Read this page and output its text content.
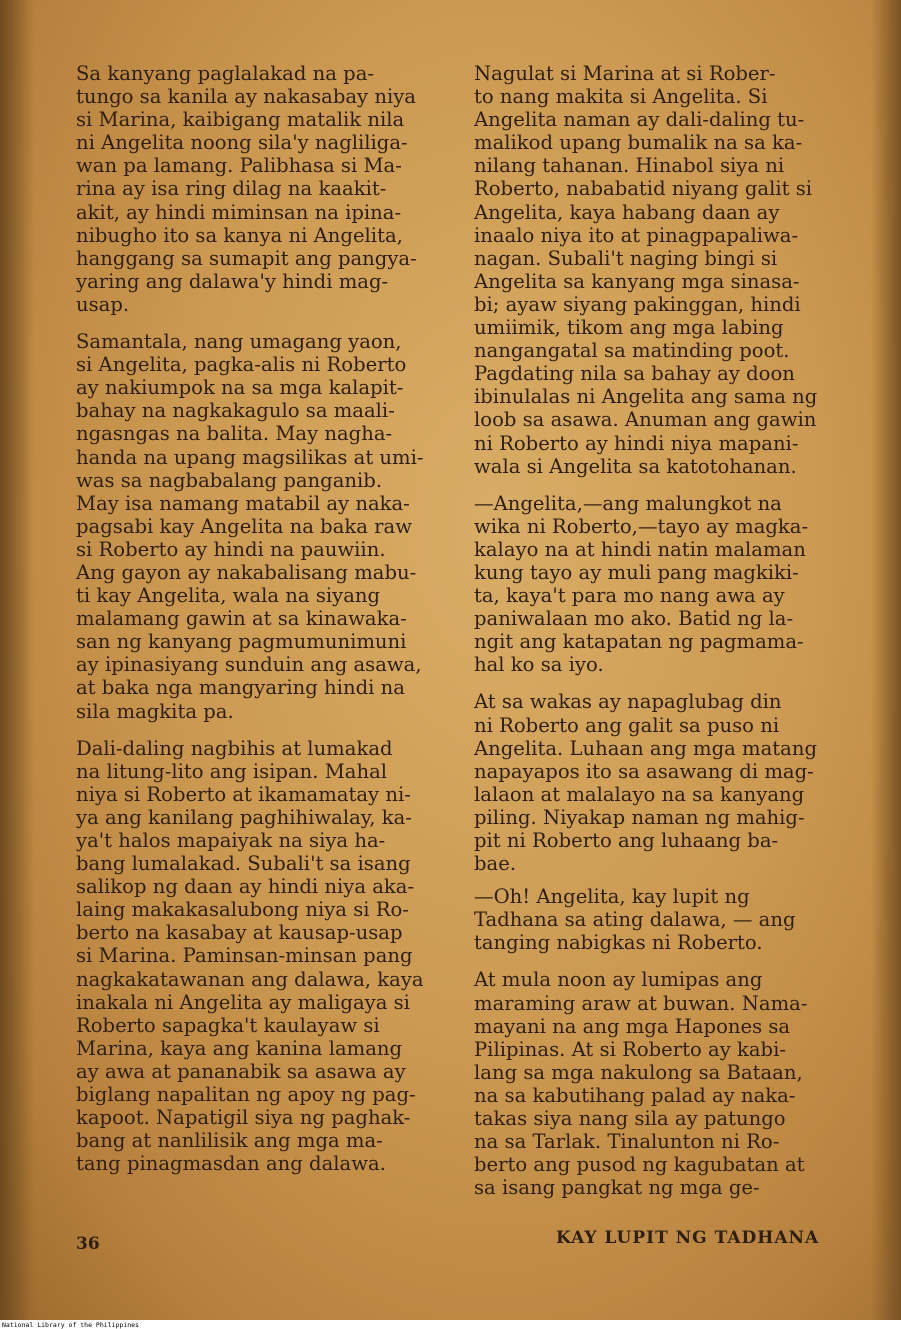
Sa kanyang paglalakad na pa-
tungo sa kanila ay nakasabay niya
si Marina, kaibigang matalik nila
ni Angelita noong sila'y nagliliga-
wan pa lamang. Palibhasa si Ma-
rina ay isa ring dilag na kaakit-
akit, ay hindi miminsan na ipina-
nibugho ito sa kanya ni Angelita,
hanggang sa sumapit ang pangya-
yaring ang dalawa'y hindi mag-
usap.

Samantala, nang umagang yaon,
si Angelita, pagka-alis ni Roberto
ay nakiumpok na sa mga kalapit-
bahay na nagkakagulo sa maali-
ngasngas na balita. May nagha-
handa na upang magsilikas at umi-
was sa nagbabalang panganib.
May isa namang matabil ay naka-
pagsabi kay Angelita na baka raw
si Roberto ay hindi na pauwiin.
Ang gayon ay nakabalisang mabu-
ti kay Angelita, wala na siyang
malamang gawin at sa kinawaka-
san ng kanyang pagmumunimuni
ay ipinasiyang sunduin ang asawa,
at baka nga mangyaring hindi na
sila magkita pa.

Dali-daling nagbihis at lumakad
na litung-lito ang isipan. Mahal
niya si Roberto at ikamamatay ni-
ya ang kanilang paghihiwalay, ka-
ya't halos mapaiyak na siya ha-
bang lumalakad. Subali't sa isang
salikop ng daan ay hindi niya aka-
laing makakasalubong niya si Ro-
berto na kasabay at kausap-usap
si Marina. Paminsan-minsan pang
nagkakatawanan ang dalawa, kaya
inakala ni Angelita ay maligaya si
Roberto sapagka't kaulayaw si
Marina, kaya ang kanina lamang
ay awa at pananabik sa asawa ay
biglang napalitan ng apoy ng pag-
kapoot. Napatigil siya ng paghak-
bang at nanlilisik ang mga ma-
tang pinagmasdan ang dalawa.

Nagulat si Marina at si Rober-
to nang makita si Angelita. Si
Angelita naman ay dali-daling tu-
malikod upang bumalik na sa ka-
nilang tahanan. Hinabol siya ni
Roberto, nababatid niyang galit si
Angelita, kaya habang daan ay
inaalo niya ito at pinagpapaliwa-
nagan. Subali't naging bingi si
Angelita sa kanyang mga sinasa-
bi; ayaw siyang pakinggan, hindi
umiimik, tikom ang mga labing
nangangatal sa matinding poot.
Pagdating nila sa bahay ay doon
ibinulalas ni Angelita ang sama ng
loob sa asawa. Anuman ang gawin
ni Roberto ay hindi niya mapani-
wala si Angelita sa katotohanan.

—Angelita,—ang malungkot na
wika ni Roberto,—tayo ay magka-
kalayo na at hindi natin malaman
kung tayo ay muli pang magkiki-
ta, kaya't para mo nang awa ay
paniwalaan mo ako. Batid ng la-
ngit ang katapatan ng pagmama-
hal ko sa iyo.

At sa wakas ay napaglubag din
ni Roberto ang galit sa puso ni
Angelita. Luhaan ang mga matang
napayapos ito sa asawang di mag-
lalaon at malalayo na sa kanyang
piling. Niyakap naman ng mahig-
pit ni Roberto ang luhaang ba-
bae.

—Oh! Angelita, kay lupit ng
Tadhana sa ating dalawa, — ang
tanging nabigkas ni Roberto.

At mula noon ay lumipas ang
maraming araw at buwan. Nama-
mayani na ang mga Hapones sa
Pilipinas. At si Roberto ay kabi-
lang sa mga nakulong sa Bataan,
na sa kabutihang palad ay naka-
takas siya nang sila ay patungo
na sa Tarlak. Tinalunton ni Ro-
berto ang pusod ng kagubatan at
sa isang pangkat ng mga ge-

36	KAY LUPIT NG TADHANA
National Library of the Philippines
